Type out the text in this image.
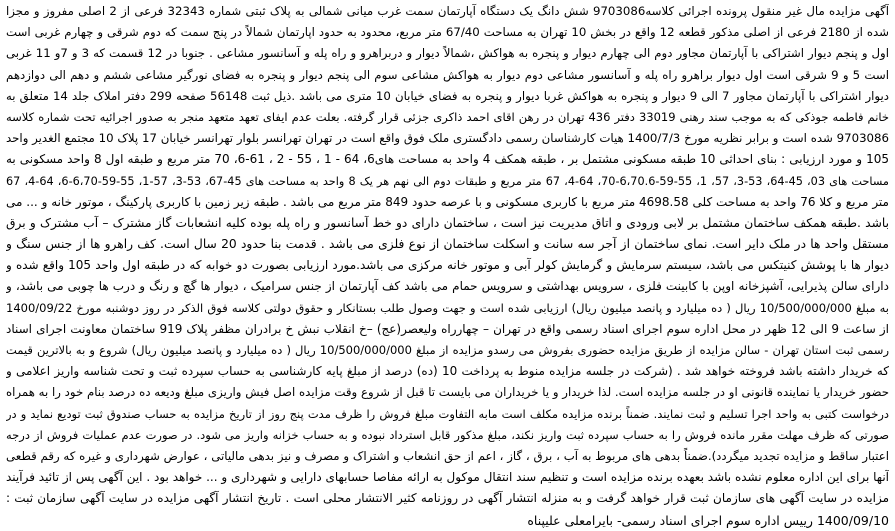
آگهی مزایده مال غیر منقول پرونده اجرائی کلاسه9703086 شش دانگ یک دستگاه آپارتمان سمت غرب میانی شمالی به پلاک ثبتی شماره 32343 فرعی از 2 اصلی مفروز و مجزا

شده از 2180 فرعی از اصلی مذکور قطعه 12 واقع در بخش 10 تهران به مساحت 67/40 متر مربع، محدود به حدود اپارتمان شمالاً در پنج سمت که دوم شرقی و چهارم غربی است

اول و پنجم دیوار اشتراکی با آپارتمان مجاور دوم الی چهارم دیوار و پنجره به هواکش ،شمالاً دیوار و دربراهرو و راه پله و آسانسور مشاعی . جنوبا در 12 قسمت که 3 و 7و 11 غربی

است 5 و 9 شرقی است اول دیوار براهرو راه پله و آسانسور مشاعی دوم دیوار به هواکش مشاعی سوم الی پنجم دیوار و پنجره به فضای نورگیر مشاعی ششم و دهم الی دوازدهم

دیوار اشتراکی با آپارتمان مجاور 7 الی 9 دیوار و پنجره به هواکش غربا دیوار و پنجره به فضای خیابان 10 متری می باشد .ذیل ثبت 56148 صفحه 299 دفتر املاک جلد 14 متعلق به

خانم فاطمه جوذکی که به موجب سند رهنی 33019 دفتر 436 تهران در رهن اقای احمد ذاکری جزئی قرار گرفته. بعلت عدم ایفای تعهد متعهد منجر به صدور اجرائیه تحت شماره کلاسه

9703086 شده است و برابر نظریه مورخ 1400/7/3 هیات کارشناسان رسمی دادگستری ملک فوق واقع است در تهران تهرانسر بلوار تهرانسر خیابان 17 پلاک 10 مجتمع الغدیر واحد

105 و مورد ارزیابی : بنای احداثی 10 طبقه مسکونی مشتمل بر ، طبقه همکف 4 واحد به مساحت های6، 64 - 1 ، 55 - 2 ، 61-6، 70 متر مربع و طبقه اول 8 واحد مسکونی به

مساحت های 03، 45-64، 53-3، 57، 1، 55-59-6،70.6-70، 64-4، 67 متر مربع و طبقات دوم الی نهم هر یک 8 واحد به مساحت های 45-67، 53-3، 57-1، 55-59-6،70-6، 64-4، 67

متر مربع و کلا 76 واحد به مساحت کلی 4698.58 متر مربع با کاربری مسکونی و با عرصه حدود 849 متر مربع می باشد . طبقه زیر زمین با کاربری پارکینگ ، موتور خانه و ... می

باشد .طبقه همکف ساختمان مشتمل بر لابی ورودی و اتاق مدیریت نیز است ، ساختمان دارای دو خط آسانسور و راه پله بوده کلیه انشعابات گاز مشترک – آب مشترک و برق

مستقل واحد ها در ملک دایر است. نمای ساختمان از آجر سه سانت و اسکلت ساختمان از نوع فلزی می باشد . قدمت بنا حدود 20 سال است. کف راهرو ها از جنس سنگ و

دیوار ها با پوشش کنیتکس می باشد، سیستم سرمایش و گرمایش کولر آبی و موتور خانه مرکزی می باشد.مورد ارزیابی بصورت دو خوابه که در طبقه اول واحد 105 واقع شده و

دارای سالن پذیرایی، آشپزخانه اوپن با کابینت فلزی ، سرویس بهداشتی و سرویس حمام می باشد کف آپارتمان از جنس سرامیک ، دیوار ها گچ و رنگ و درب ها چوبی می باشد، و

به مبلغ 10/500/000/000 ریال ( ده میلیارد و پانصد میلیون ریال) ارزیابی شده است و جهت وصول طلب بستانکار و حقوق دولتی کلاسه فوق الذکر در روز دوشنبه مورخ 1400/09/22

از ساعت 9 الی 12 ظهر در محل اداره سوم اجرای اسناد رسمی واقع در تهران – چهارراه ولیعصر(عج) –خ انقلاب نبش خ برادران مظفر پلاک 919 ساختمان معاونت اجرای اسناد

رسمی ثبت استان تهران - سالن مزایده از طریق مزایده حضوری بفروش می رسدو مزایده از مبلغ 10/500/000/000 ریال ( ده میلیارد و پانصد میلیون ریال) شروع و به بالاترین قیمت

که خریدار داشته باشد فروخته خواهد شد . (شرکت در جلسه مزایده منوط به پرداخت 10 (ده) درصد از مبلغ پایه کارشناسی به حساب سپرده ثبت و تحت شناسه واریز اعلامی و

حضور خریدار یا نماینده قانونی او در جلسه مزایده است. لذا خریدار و یا خریداران می بایست تا قبل از شروع وقت مزایده اصل فیش واریزی مبلغ ودیعه ده درصد بنام خود را به همراه

درخواست کتبی به واحد اجرا تسلیم و ثبت نمایند. ضمناً برنده مزایده مکلف است مابه التفاوت مبلغ فروش را ظرف مدت پنج روز از تاریخ مزایده به حساب صندوق ثبت تودیع نماید و در

صورتی که ظرف مهلت مقرر مانده فروش را به حساب سپرده ثبت واریز نکند، مبلغ مذکور قابل استرداد نبوده و به حساب خزانه واریز می شود. در صورت عدم عملیات فروش از درجه

اعتبار ساقط و مزایده تجدید میگردد).ضمناً بدهی های مربوط به آب ، برق ، گاز ، اعم از حق انشعاب و اشتراک و مصرف و نیز بدهی مالیاتی ، عوارض شهرداری و غیره که رقم قطعی

آنها برای این اداره معلوم نشده باشد بعهده برنده مزایده است و تنظیم سند انتقال موکول به ارائه مفاصا حسابهای دارایی و شهرداری و ... خواهد بود . این آگهی پس از تائید فرآیند

مزایده در سایت آگهی های سازمان ثبت قرار خواهد گرفت و به منزله انتشار آگهی در روزنامه کثیر الانتشار محلی است . تاریخ انتشار آگهی مزایده در سایت آگهی سازمان ثبت :

1400/09/10 رییس اداره سوم اجرای اسناد رسمی- بایرامعلی علیپناه
